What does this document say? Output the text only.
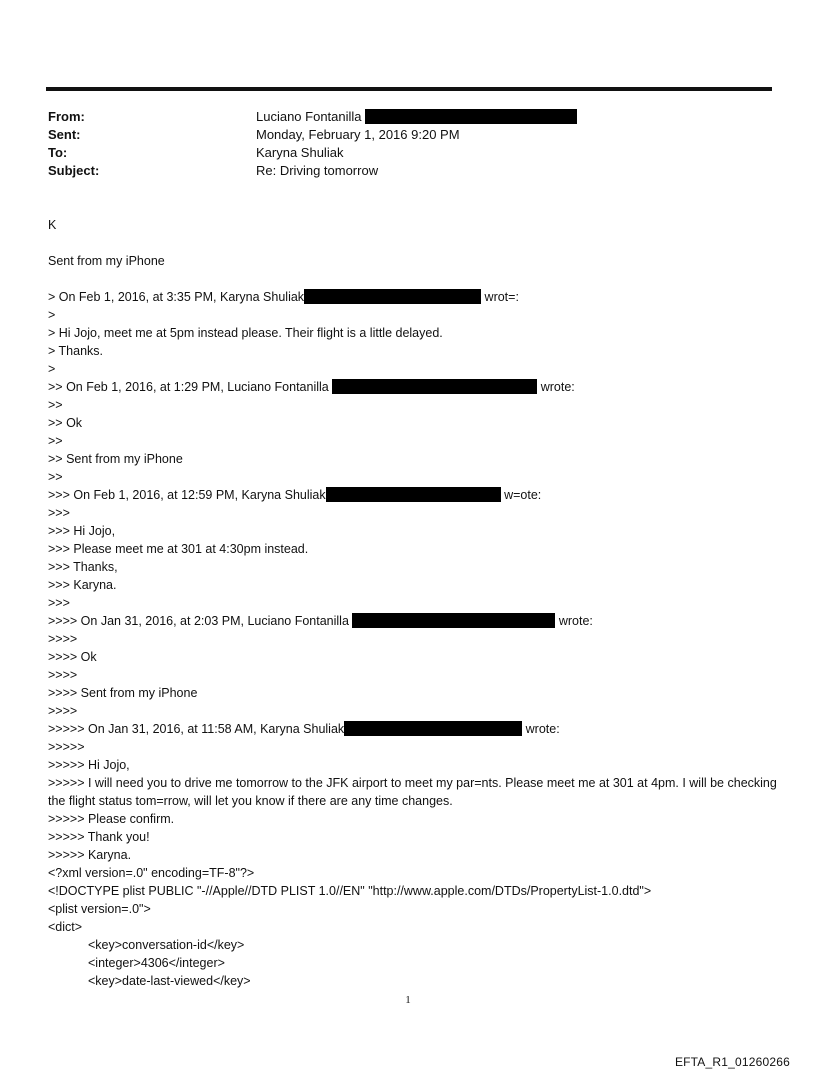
From:	Luciano Fontanilla
Sent:	Monday, February 1, 2016 9:20 PM
To:	Karyna Shuliak
Subject:	Re: Driving tomorrow
K
Sent from my iPhone
> On Feb 1, 2016, at 3:35 PM, Karyna Shuliak	wrot=:
>
> Hi Jojo, meet me at 5pm instead please. Their flight is a little delayed.
> Thanks.
>
>> On Feb 1, 2016, at 1:29 PM, Luciano Fontanilla	wrote:
>>
>> Ok
>>
>> Sent from my iPhone
>>
>>> On Feb 1, 2016, at 12:59 PM, Karyna Shuliak	w=ote:
>>>
>>> Hi Jojo,
>>> Please meet me at 301 at 4:30pm instead.
>>> Thanks,
>>> Karyna.
>>>
>>>> On Jan 31, 2016, at 2:03 PM, Luciano Fontanilla	wrote:
>>>>
>>>> Ok
>>>>
>>>> Sent from my iPhone
>>>>
>>>>> On Jan 31, 2016, at 11:58 AM, Karyna Shuliak	wrote:
>>>>>
>>>>> Hi Jojo,
>>>>> I will need you to drive me tomorrow to the JFK airport to meet my par=nts. Please meet me at 301 at 4pm. I will be checking the flight status tom=rrow, will let you know if there are any time changes.
>>>>> Please confirm.
>>>>> Thank you!
>>>>> Karyna.
<?xml version=.0" encoding=TF-8"?>
<!DOCTYPE plist PUBLIC "-//Apple//DTD PLIST 1.0//EN" "http://www.apple.com/DTDs/PropertyList-1.0.dtd">
<plist version=.0">
<dict>
<key>conversation-id</key>
<integer>4306</integer>
<key>date-last-viewed</key>
1
EFTA_R1_01260266
